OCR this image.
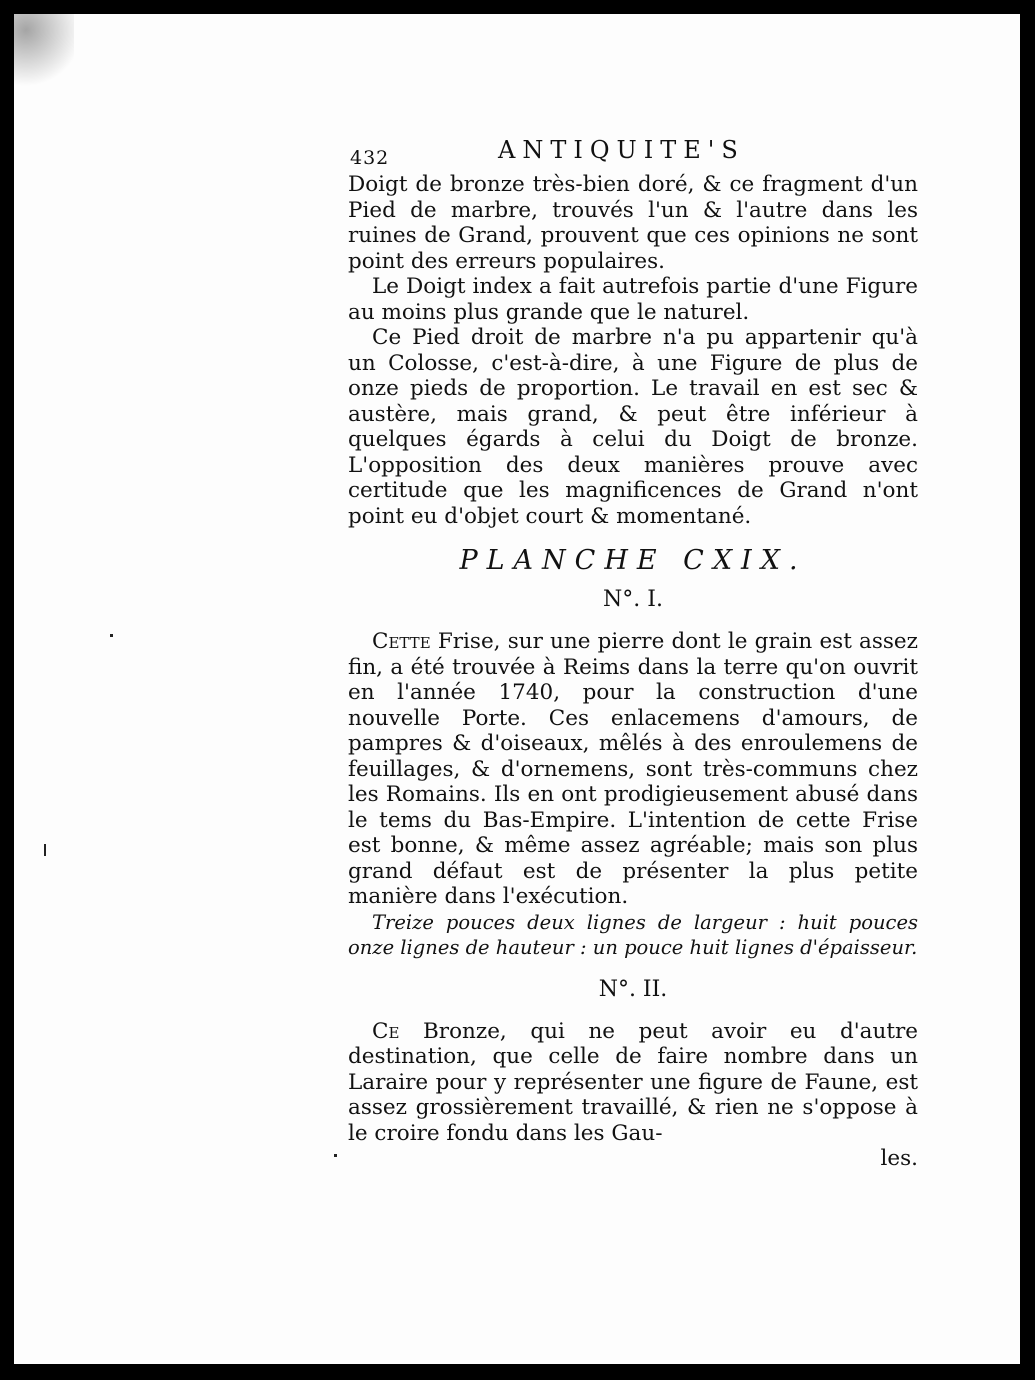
432	ANTIQUITE'S

Doigt de bronze très-bien doré, & ce fragment d'un Pied de marbre, trouvés l'un & l'autre dans les ruines de Grand, prouvent que ces opinions ne sont point des erreurs populaires.

Le Doigt index a fait autrefois partie d'une Figure au moins plus grande que le naturel.

Ce Pied droit de marbre n'a pu appartenir qu'à un Colosse, c'est-à-dire, à une Figure de plus de onze pieds de proportion. Le travail en est sec & austère, mais grand, & peut être inférieur à quelques égards à celui du Doigt de bronze. L'opposition des deux manières prouve avec certitude que les magnificences de Grand n'ont point eu d'objet court & momentané.

PLANCHE CXIX.
N°. I.

Cette Frise, sur une pierre dont le grain est assez fin, a été trouvée à Reims dans la terre qu'on ouvrit en l'année 1740, pour la construction d'une nouvelle Porte. Ces enlacemens d'amours, de pampres & d'oiseaux, mêlés à des enroulemens de feuillages, & d'ornemens, sont très-communs chez les Romains. Ils en ont prodigieusement abusé dans le tems du Bas-Empire. L'intention de cette Frise est bonne, & même assez agréable; mais son plus grand défaut est de présenter la plus petite manière dans l'exécution.

Treize pouces deux lignes de largeur : huit pouces onze lignes de hauteur : un pouce huit lignes d'épaisseur.

N°. II.

Ce Bronze, qui ne peut avoir eu d'autre destination, que celle de faire nombre dans un Laraire pour y représenter une figure de Faune, est assez grossièrement travaillé, & rien ne s'oppose à le croire fondu dans les Gau-

les.
